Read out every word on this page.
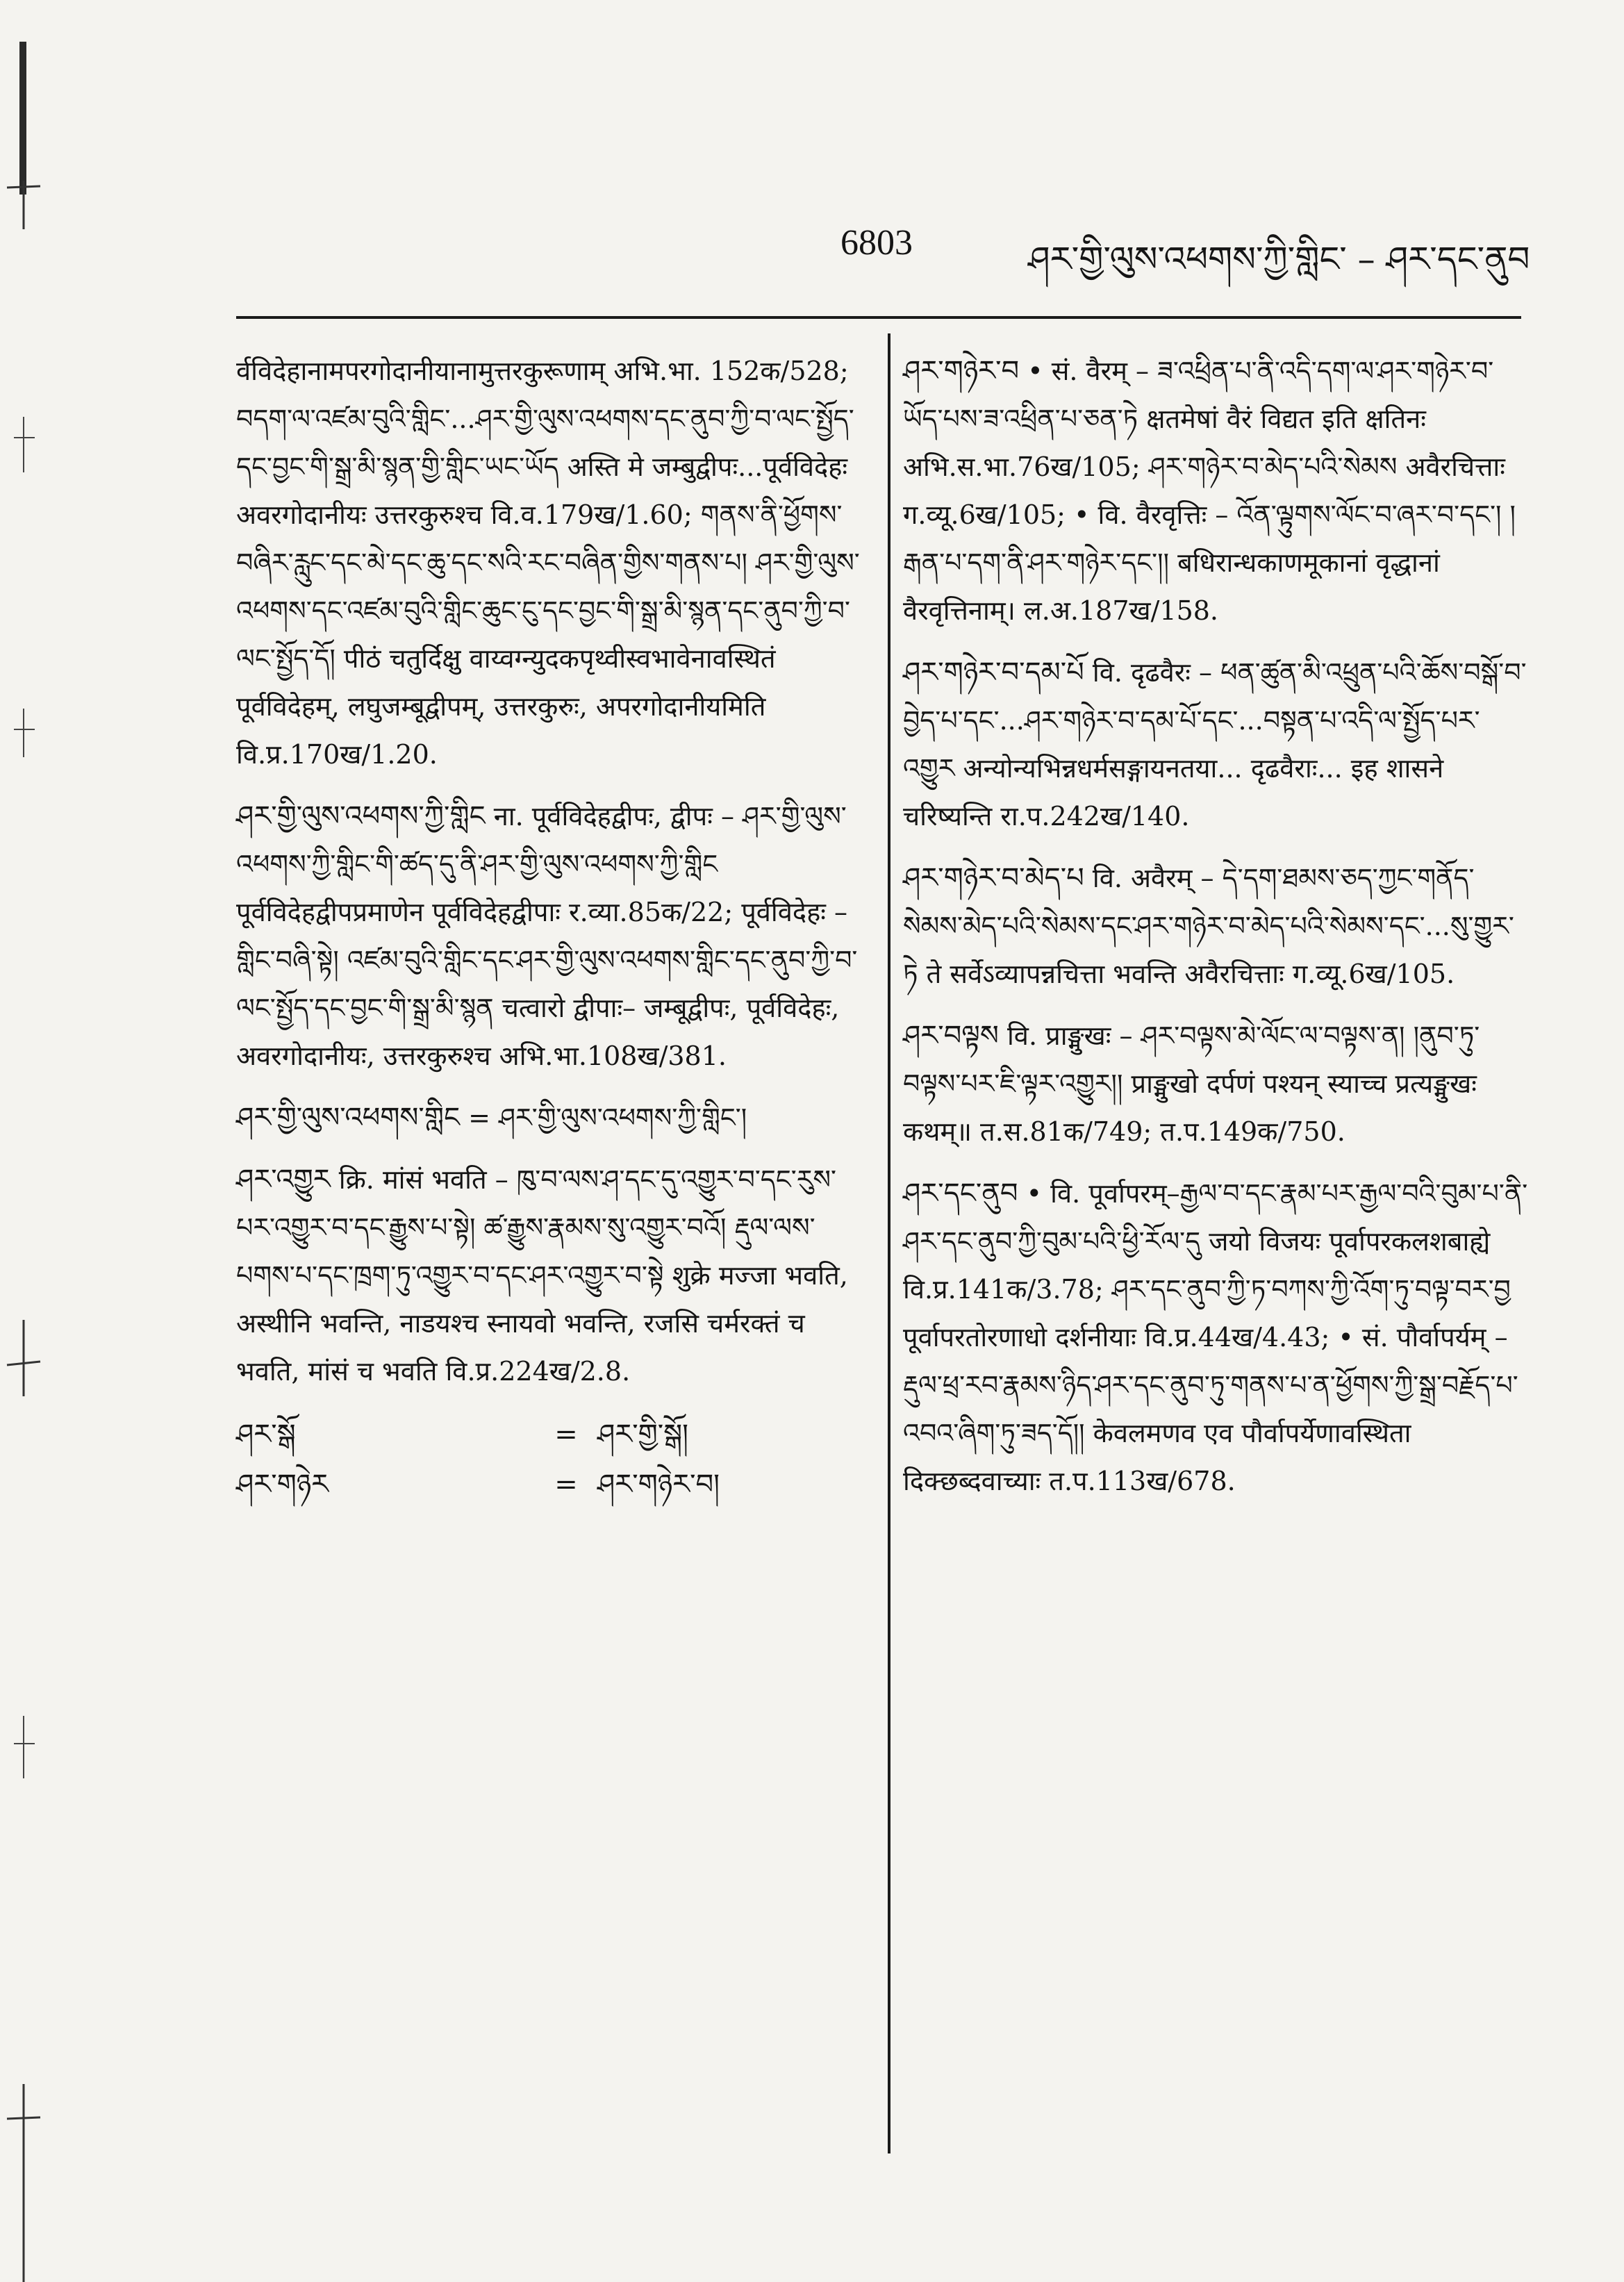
6803	ཤར་གྱི་ལུས་འཕགས་ཀྱི་གླིང་ – ཤར་དང་ནུབ

र्वविदेहानामपरगोदानीयानामुत्तरकुरूणाम् अभि.भा. 152क/528; བདག་ལ་འཛམ་བུའི་གླིང་...ཤར་གྱི་ལུས་འཕགས་དང་ནུབ་ཀྱི་བ་ལང་སྤྱོད་དང་བྱང་གི་སྒྲ་མི་སྙན་གྱི་གླིང་ཡང་ཡོད अस्ति मे जम्बुद्वीपः...पूर्वविदेहः अवरगोदानीयः उत्तरकुरुश्च वि.व.179ख/1.60; གནས་ནི་ཕྱོགས་བཞིར་རླུང་དང་མེ་དང་ཆུ་དང་སའི་རང་བཞིན་གྱིས་གནས་པ། ཤར་གྱི་ལུས་འཕགས་དང་འཛམ་བུའི་གླིང་ཆུང་ངུ་དང་བྱང་གི་སྒྲ་མི་སྙན་དང་ནུབ་ཀྱི་བ་ལང་སྤྱོད་དོ། पीठं चतुर्दिक्षु वाय्वग्न्युदकपृथ्वीस्वभावेनावस्थितं पूर्वविदेहम्, लघुजम्बूद्वीपम्, उत्तरकुरुः, अपरगोदानीयमिति वि.प्र.170ख/1.20.

ཤར་གྱི་ལུས་འཕགས་ཀྱི་གླིང ना. पूर्वविदेहद्वीपः, द्वीपः – ཤར་གྱི་ལུས་འཕགས་ཀྱི་གླིང་གི་ཚད་དུ་ནི་ཤར་གྱི་ལུས་འཕགས་ཀྱི་གླིང पूर्वविदेहद्वीपप्रमाणेन पूर्वविदेहद्वीपाः र.व्या.85क/22; पूर्वविदेहः – གླིང་བཞི་སྟེ། འཛམ་བུའི་གླིང་དང་ཤར་གྱི་ལུས་འཕགས་གླིང་དང་ནུབ་ཀྱི་བ་ལང་སྤྱོད་དང་བྱང་གི་སྒྲ་མི་སྙན चत्वारो द्वीपाः– जम्बूद्वीपः, पूर्वविदेहः, अवरगोदानीयः, उत्तरकुरुश्च अभि.भा.108ख/381.

ཤར་གྱི་ལུས་འཕགས་གླིང = ཤར་གྱི་ལུས་འཕགས་ཀྱི་གླིང་།

ཤར་འགྱུར क्रि. मांसं भवति – ཁུ་བ་ལས་ཤ་དང་དུ་འགྱུར་བ་དང་རུས་པར་འགྱུར་བ་དང་རྒྱུས་པ་སྟེ། ཚ་རྒྱུས་རྣམས་སུ་འགྱུར་བའོ། རྡུལ་ལས་པགས་པ་དང་ཁྲག་ཏུ་འགྱུར་བ་དང་ཤར་འགྱུར་བ་སྟེ शुक्रे मज्जा भवति, अस्थीनि भवन्ति, नाडयश्च स्नायवो भवन्ति, रजसि चर्मरक्तं च भवति, मांसं च भवति वि.प्र.224ख/2.8.

ཤར་སྒོ	= ཤར་གྱི་སྒོ།
ཤར་གཉེར	= ཤར་གཉེར་བ།

ཤར་གཉེར་བ • सं. वैरम् – ཟ་འཕྲིན་པ་ནི་འདི་དག་ལ་ཤར་གཉེར་བ་ཡོད་པས་ཟ་འཕྲིན་པ་ཅན་ཏེ क्षतमेषां वैरं विद्यत इति क्षतिनः अभि.स.भा.76ख/105; ཤར་གཉེར་བ་མེད་པའི་སེམས अवैरचित्ताः ग.व्यू.6ख/105; • वि. वैरवृत्तिः – འོན་ལྟུགས་ལོང་བ་ཞར་བ་དང་། །རྒན་པ་དག་ནི་ཤར་གཉེར་དང་།། बधिरान्धकाणमूकानां वृद्धानां वैरवृत्तिनाम्। ल.अ.187ख/158.

ཤར་གཉེར་བ་དམ་པོ वि. दृढवैरः – ཕན་ཚུན་མི་འཕྲུན་པའི་ཆོས་བསྒོ་བ་བྱེད་པ་དང་...ཤར་གཉེར་བ་དམ་པོ་དང་...བསྟན་པ་འདི་ལ་སྤྱོད་པར་འགྱུར अन्योन्यभिन्नधर्मसङ्गायनतया... दृढवैराः... इह शासने चरिष्यन्ति रा.प.242ख/140.

ཤར་གཉེར་བ་མེད་པ वि. अवैरम् – དེ་དག་ཐམས་ཅད་ཀྱང་གནོད་སེམས་མེད་པའི་སེམས་དང་ཤར་གཉེར་བ་མེད་པའི་སེམས་དང་...སུ་གྱུར་ཏེ ते सर्वेऽव्यापन्नचित्ता भवन्ति अवैरचित्ताः ग.व्यू.6ख/105.

ཤར་བལྟས वि. प्राङ्मुखः – ཤར་བལྟས་མེ་ལོང་ལ་བལྟས་ན། །ནུབ་ཏུ་བལྟས་པར་ཇི་ལྟར་འགྱུར།། प्राङ्मुखो दर्पणं पश्यन् स्याच्च प्रत्यङ्मुखः कथम्॥ त.स.81क/749; त.प.149क/750.

ཤར་དང་ནུབ • वि. पूर्वापरम्–རྒྱལ་བ་དང་རྣམ་པར་རྒྱལ་བའི་བུམ་པ་ནི་ཤར་དང་ནུབ་ཀྱི་བུམ་པའི་ཕྱི་རོལ་དུ जयो विजयः पूर्वापरकलशबाह्ये वि.प्र.141क/3.78; ཤར་དང་ནུབ་ཀྱི་ཏ་བཀས་ཀྱི་འོག་ཏུ་བལྟ་བར་བྱ पूर्वापरतोरणाधो दर्शनीयाः वि.प्र.44ख/4.43; • सं. पौर्वापर्यम् – རྡུལ་ཕྲ་རབ་རྣམས་ཉིད་ཤར་དང་ནུབ་ཏུ་གནས་པ་ན་ཕྱོགས་ཀྱི་སྒྲ་བརྗོད་པ་འབའ་ཞིག་ཏུ་ཟད་དོ།། केवलमणव एव पौर्वापर्येणावस्थिता दिक्छब्दवाच्याः त.प.113ख/678.
